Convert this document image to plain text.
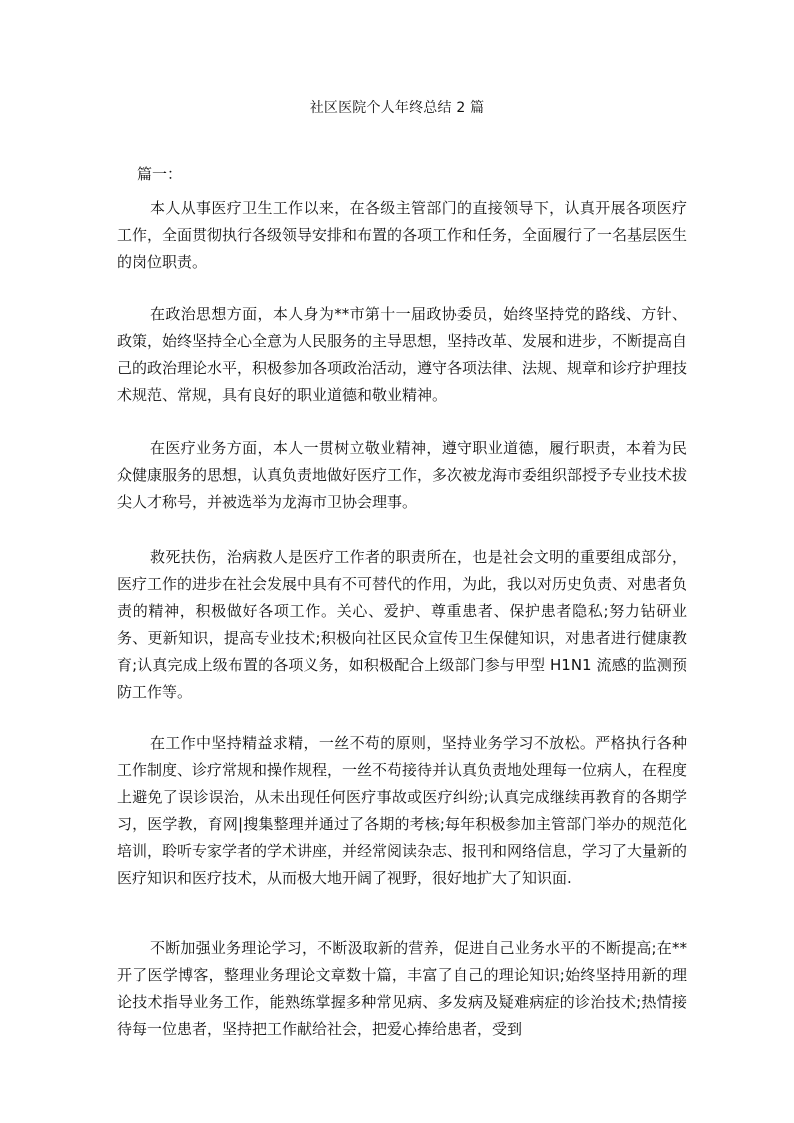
社区医院个人年终总结 2 篇
篇一：

本人从事医疗卫生工作以来，在各级主管部门的直接领导下，认真开展各项医疗工作，全面贯彻执行各级领导安排和布置的各项工作和任务，全面履行了一名基层医生的岗位职责。

在政治思想方面，本人身为**市第十一届政协委员，始终坚持党的路线、方针、政策，始终坚持全心全意为人民服务的主导思想，坚持改革、发展和进步，不断提高自己的政治理论水平，积极参加各项政治活动，遵守各项法律、法规、规章和诊疗护理技术规范、常规，具有良好的职业道德和敬业精神。

在医疗业务方面，本人一贯树立敬业精神，遵守职业道德，履行职责，本着为民众健康服务的思想，认真负责地做好医疗工作，多次被龙海市委组织部授予专业技术拔尖人才称号，并被选举为龙海市卫协会理事。

救死扶伤，治病救人是医疗工作者的职责所在，也是社会文明的重要组成部分，医疗工作的进步在社会发展中具有不可替代的作用，为此，我以对历史负责、对患者负责的精神，积极做好各项工作。关心、爱护、尊重患者、保护患者隐私;努力钻研业务、更新知识，提高专业技术;积极向社区民众宣传卫生保健知识，对患者进行健康教育;认真完成上级布置的各项义务，如积极配合上级部门参与甲型 H1N1 流感的监测预防工作等。

在工作中坚持精益求精，一丝不苟的原则，坚持业务学习不放松。严格执行各种工作制度、诊疗常规和操作规程，一丝不苟接待并认真负责地处理每一位病人，在程度上避免了误诊误治，从未出现任何医疗事故或医疗纠纷;认真完成继续再教育的各期学习，医学教，育网|搜集整理并通过了各期的考核;每年积极参加主管部门举办的规范化培训，聆听专家学者的学术讲座，并经常阅读杂志、报刊和网络信息，学习了大量新的医疗知识和医疗技术，从而极大地开阔了视野，很好地扩大了知识面.

不断加强业务理论学习，不断汲取新的营养，促进自己业务水平的不断提高;在**开了医学博客，整理业务理论文章数十篇，丰富了自己的理论知识;始终坚持用新的理论技术指导业务工作，能熟练掌握多种常见病、多发病及疑难病症的诊治技术;热情接待每一位患者，坚持把工作献给社会，把爱心捧给患者，受到
